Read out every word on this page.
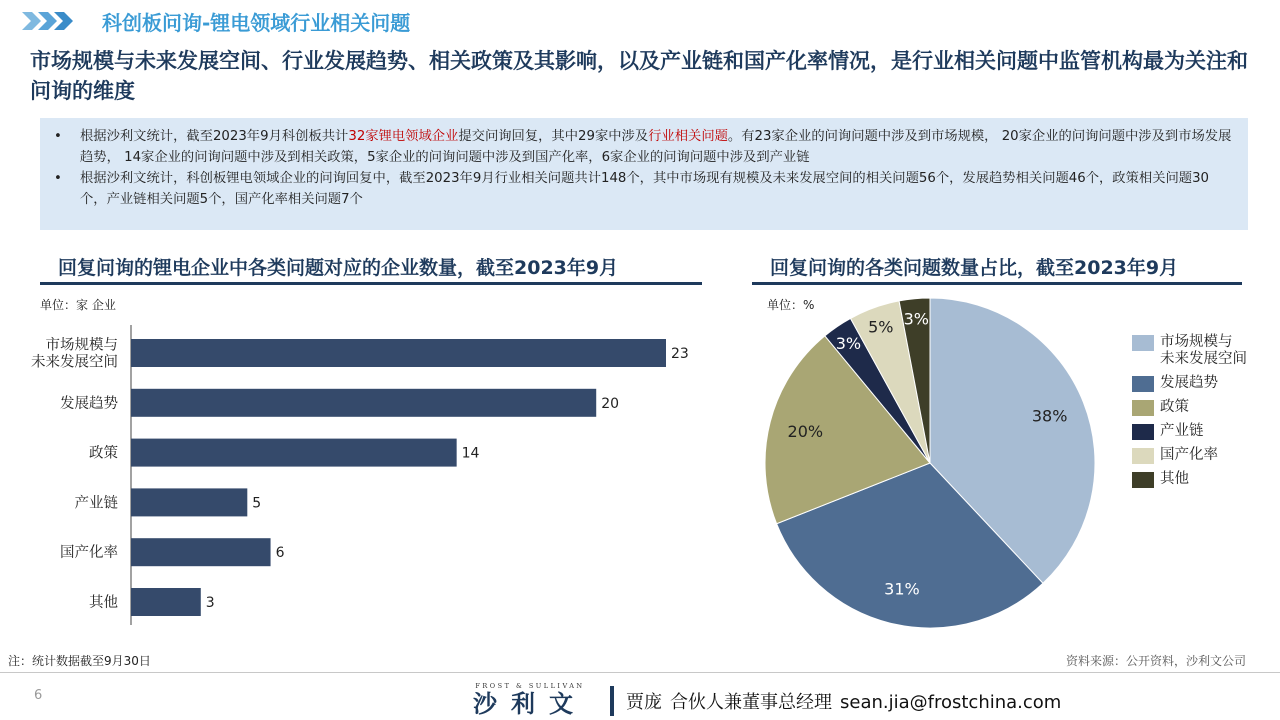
科创板问询-锂电领域行业相关问题
市场规模与未来发展空间、行业发展趋势、相关政策及其影响，以及产业链和国产化率情况，是行业相关问题中监管机构最为关注和问询的维度
• 根据沙利文统计，截至2023年9月科创板共计32家锂电领域企业提交问询回复，其中29家中涉及行业相关问题。有23家企业的问询问题中涉及到市场规模， 20家企业的问询问题中涉及到市场发展趋势， 14家企业的问询问题中涉及到相关政策，5家企业的问询问题中涉及到国产化率，6家企业的问询问题中涉及到产业链
• 根据沙利文统计，科创板锂电领域企业的问询回复中，截至2023年9月行业相关问题共计148个，其中市场现有规模及未来发展空间的相关问题56个，发展趋势相关问题46个，政策相关问题30个，产业链相关问题5个，国产化率相关问题7个
回复问询的锂电企业中各类问题对应的企业数量，截至2023年9月
单位：家 企业
23
市场规模与未来发展空间
20
发展趋势
14
政策
5
产业链
6
国产化率
3
其他
回复问询的各类问题数量占比，截至2023年9月
单位：%
38%
31%
20%
3%
5% 3%
市场规模与
未来发展空间
发展趋势
政策
产业链
国产化率
其他
注：统计数据截至9月30日	资料来源：公开资料，沙利文公司
6
FROST & SULLIVAN
沙利文	贾庞 合伙人兼董事总经理 sean.jia@frostchina.com
